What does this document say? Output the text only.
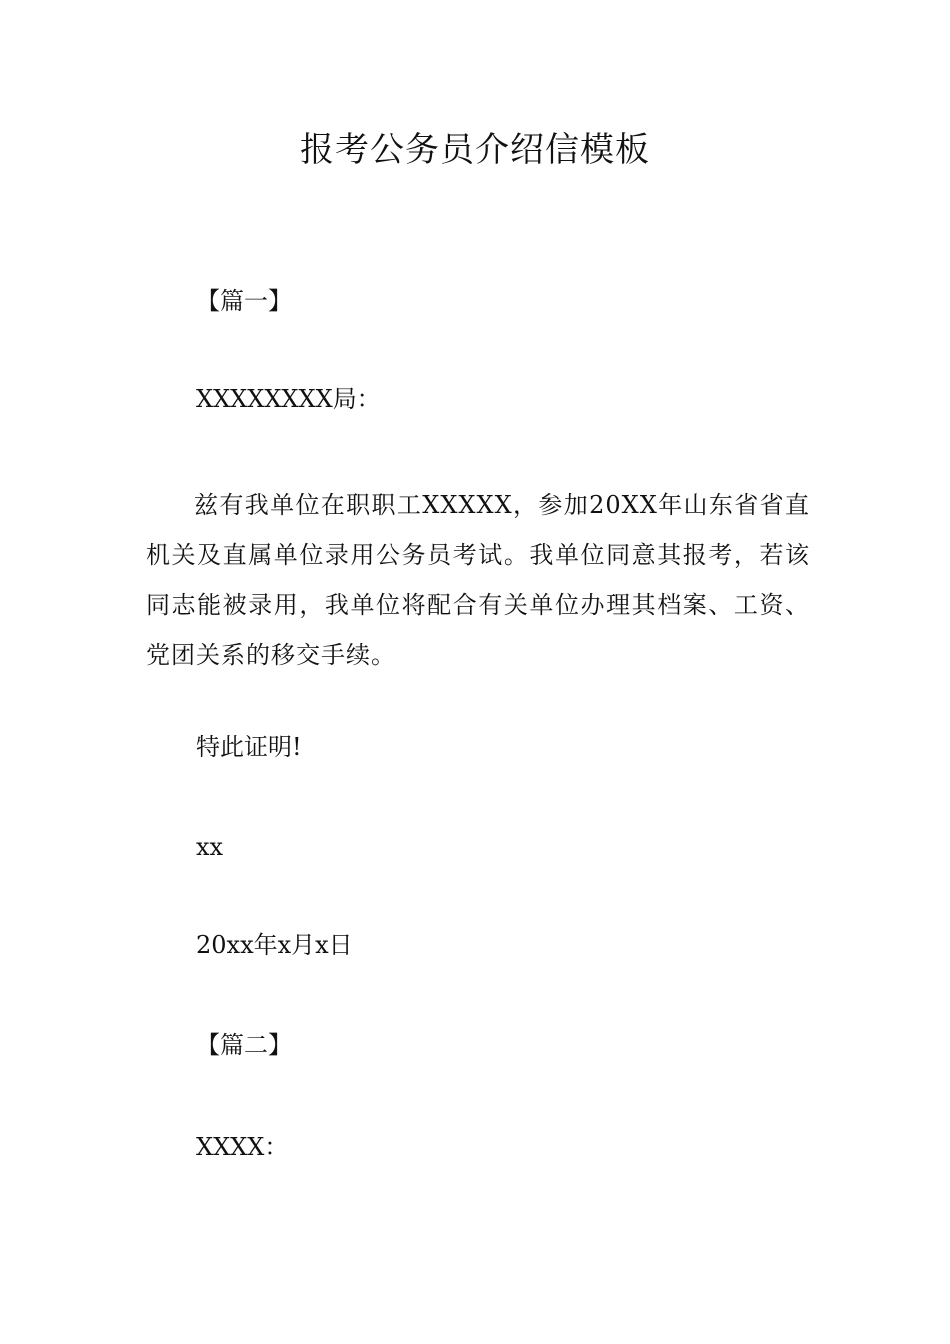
报考公务员介绍信模板
【篇一】
XXXXXXXX局：
兹有我单位在职职工XXXXX，参加20XX年山东省省直机关及直属单位录用公务员考试。我单位同意其报考，若该同志能被录用，我单位将配合有关单位办理其档案、工资、党团关系的移交手续。
特此证明!
xx
20xx年x月x日
【篇二】
XXXX：
